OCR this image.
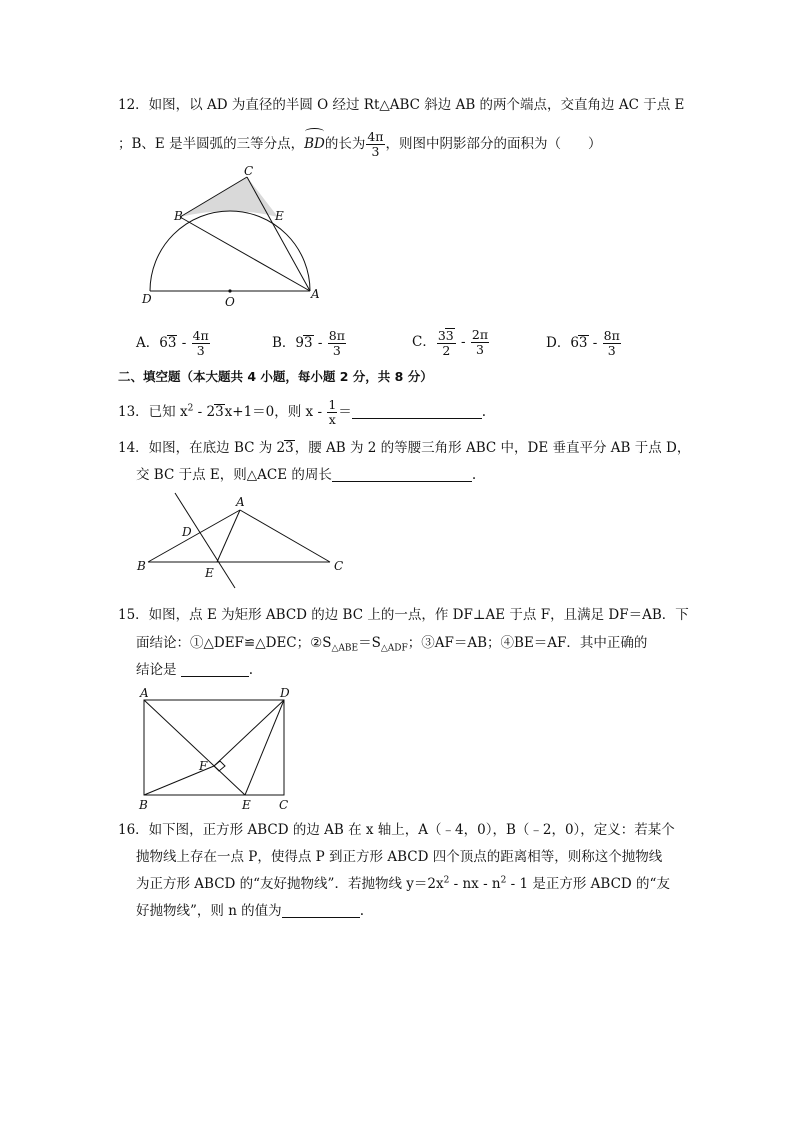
12．如图，以 AD 为直径的半圆 O 经过 Rt△ABC 斜边 AB 的两个端点，交直角边 AC 于点 E
；B、E 是半圆弧的三等分点，BD的长为 $\frac{4\pi}{3}$ ，则图中阴影部分的面积为（　　）
C
B	E
D	O
A
A．$63 - \frac{4\pi}{3}$	B．$93 - \frac{8\pi}{3}$	C． $\frac{33}{2} - \frac{2\pi}{3}$	D．$63 - \frac{8\pi}{3}$
二、填空题（本大题共 4 小题，每小题 2 分，共 8 分）
13．已知 $x^2 - 23x+1=0$，则 x - $\frac{1}{x}$ ＝	.
14．如图，在底边 BC 为 23，腰 AB 为 2 的等腰三角形 ABC 中，DE 垂直平分 AB 于点 D，
交 BC 于点 E，则△ACE 的周长	.
A
D
B	E	C
15．如图，点 E 为矩形 ABCD 的边 BC 上的一点，作 DF⊥AE 于点 F，且满足 DF＝AB．下
面结论：①△DEF≌△DEC；$②S_{\triangle ABE}=S_{\triangle ADF}$；③AF＝AB；④BE＝AF．其中正确的
结论是	.
A	D
F
B	E C
16．如下图，正方形 ABCD 的边 AB 在 x 轴上，A（﹣4，0），B（﹣2，0），定义：若某个
抛物线上存在一点 P，使得点 P 到正方形 ABCD 四个顶点的距离相等，则称这个抛物线
为正方形 ABCD 的“友好抛物线”．若抛物线 $y=2x^2$ - nx - $n^2 - 1$ 是正方形 ABCD 的“友
好抛物线”，则 n 的值为	.
